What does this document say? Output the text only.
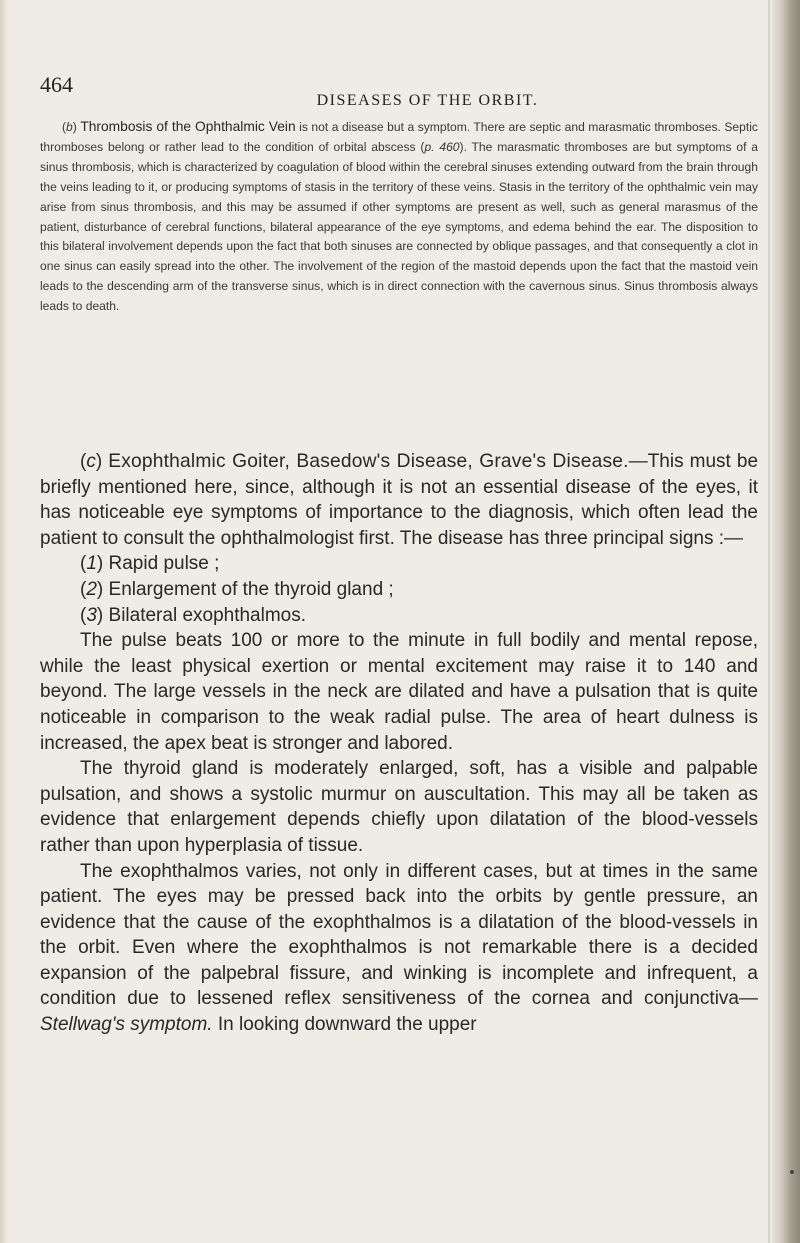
464
DISEASES OF THE ORBIT.
(b) Thrombosis of the Ophthalmic Vein is not a disease but a symptom. There are septic and marasmatic thromboses. Septic thromboses belong or rather lead to the condition of orbital abscess (p. 460). The marasmatic thromboses are but symptoms of a sinus thrombosis, which is characterized by coagulation of blood within the cerebral sinuses extending outward from the brain through the veins leading to it, or producing symptoms of stasis in the territory of these veins. Stasis in the territory of the ophthalmic vein may arise from sinus thrombosis, and this may be assumed if other symptoms are present as well, such as general marasmus of the patient, disturbance of cerebral functions, bilateral appearance of the eye symptoms, and edema behind the ear. The disposition to this bilateral involvement depends upon the fact that both sinuses are connected by oblique passages, and that consequently a clot in one sinus can easily spread into the other. The involvement of the region of the mastoid depends upon the fact that the mastoid vein leads to the descending arm of the transverse sinus, which is in direct connection with the cavernous sinus. Sinus thrombosis always leads to death.

(c) Exophthalmic Goiter, Basedow's Disease, Grave's Disease.—This must be briefly mentioned here, since, although it is not an essential disease of the eyes, it has noticeable eye symptoms of importance to the diagnosis, which often lead the patient to consult the ophthalmologist first. The disease has three principal signs :—

(1) Rapid pulse ;

(2) Enlargement of the thyroid gland ;

(3) Bilateral exophthalmos.

The pulse beats 100 or more to the minute in full bodily and mental repose, while the least physical exertion or mental excitement may raise it to 140 and beyond. The large vessels in the neck are dilated and have a pulsation that is quite noticeable in comparison to the weak radial pulse. The area of heart dulness is increased, the apex beat is stronger and labored.

The thyroid gland is moderately enlarged, soft, has a visible and palpable pulsation, and shows a systolic murmur on auscultation. This may all be taken as evidence that enlargement depends chiefly upon dilatation of the blood-vessels rather than upon hyperplasia of tissue.

The exophthalmos varies, not only in different cases, but at times in the same patient. The eyes may be pressed back into the orbits by gentle pressure, an evidence that the cause of the exophthalmos is a dilatation of the blood-vessels in the orbit. Even where the exophthalmos is not remarkable there is a decided expansion of the palpebral fissure, and winking is incomplete and infrequent, a condition due to lessened reflex sensitiveness of the cornea and conjunctiva—Stellwag's symptom. In looking downward the upper
